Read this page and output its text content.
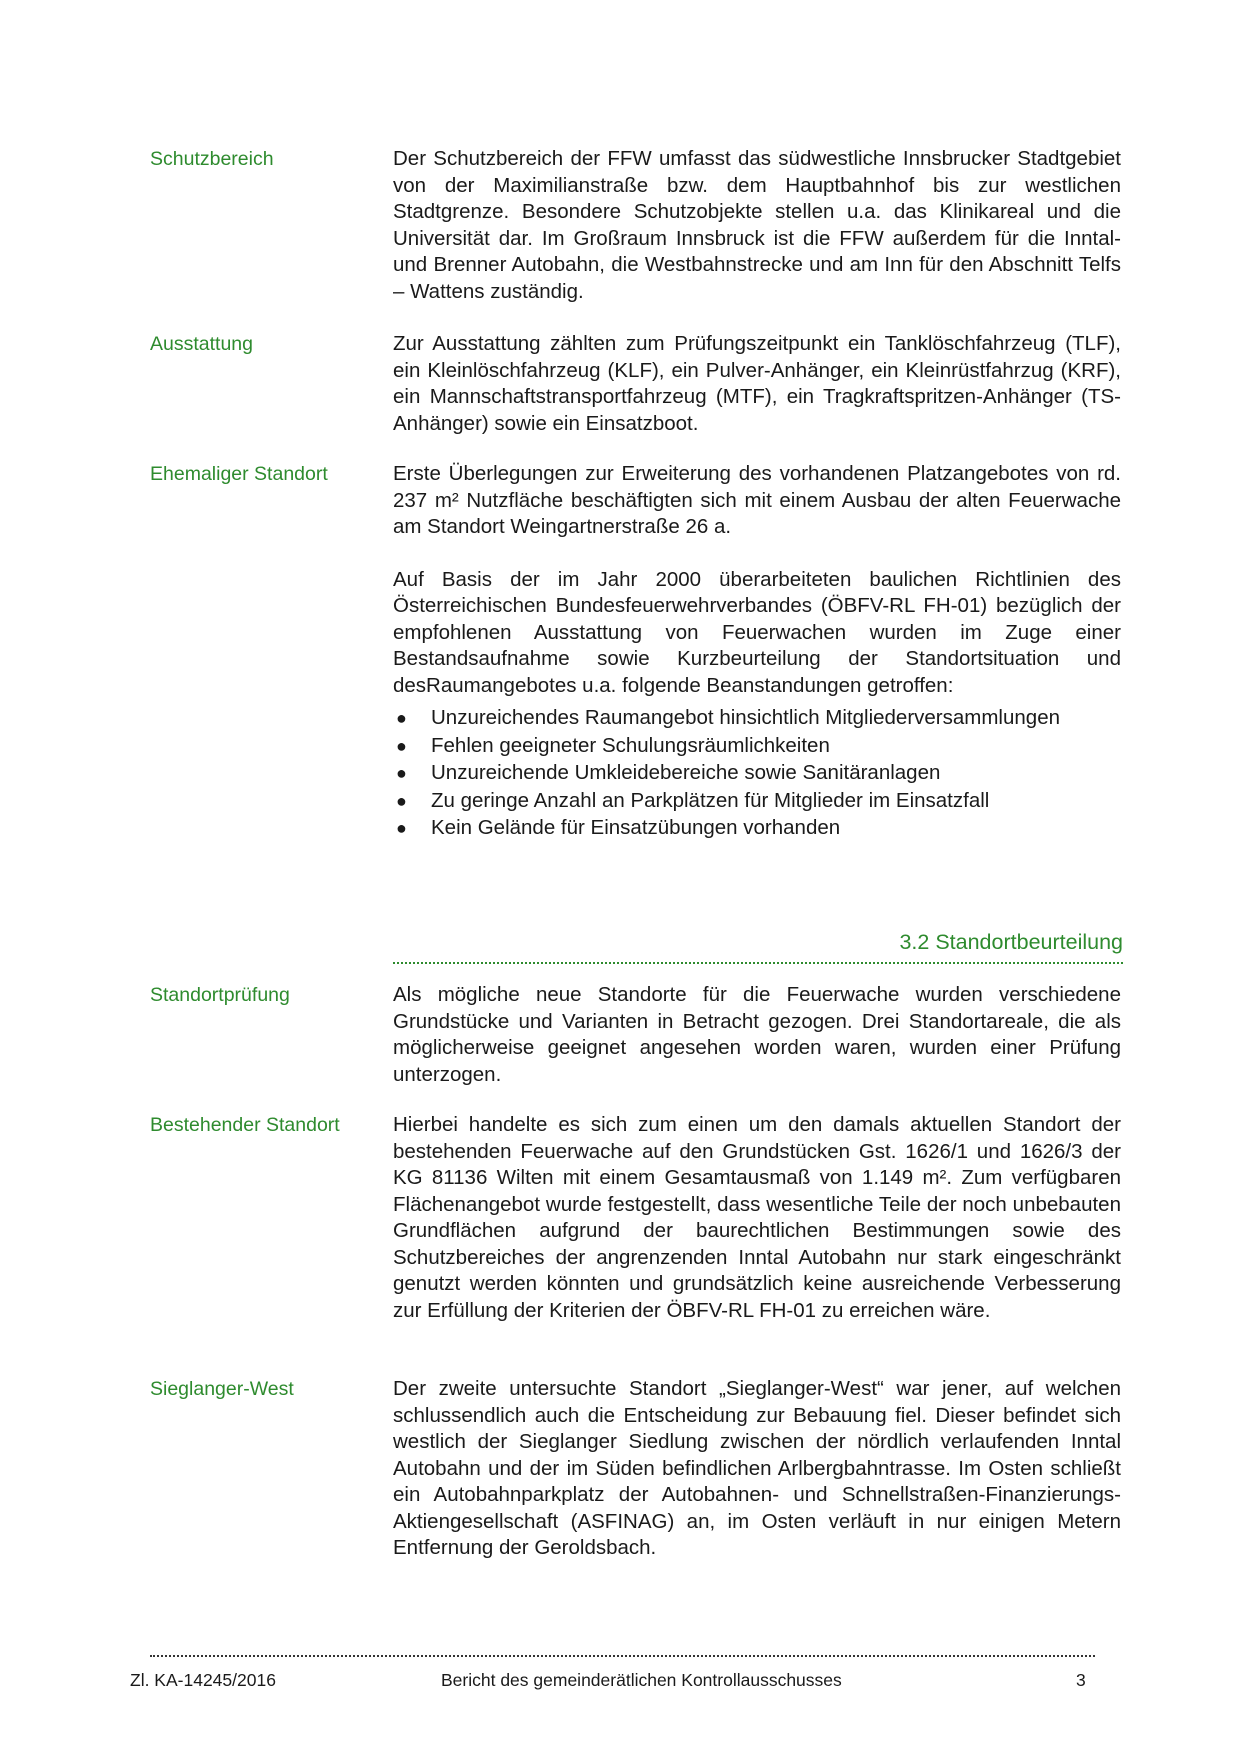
Schutzbereich	Der Schutzbereich der FFW umfasst das südwestliche Innsbrucker Stadtgebiet von der Maximilianstraße bzw. dem Hauptbahnhof bis zur westlichen Stadtgrenze. Besondere Schutzobjekte stellen u.a. das Klinikareal und die Universität dar. Im Großraum Innsbruck ist die FFW außerdem für die Inntal- und Brenner Autobahn, die Westbahnstrecke und am Inn für den Abschnitt Telfs – Wattens zuständig.
Ausstattung	Zur Ausstattung zählten zum Prüfungszeitpunkt ein Tanklöschfahrzeug (TLF), ein Kleinlöschfahrzeug (KLF), ein Pulver-Anhänger, ein Kleinrüstfahrzug (KRF), ein Mannschaftstransportfahrzeug (MTF), ein Tragkraftspritzen-Anhänger (TS-Anhänger) sowie ein Einsatzboot.
Ehemaliger Standort	Erste Überlegungen zur Erweiterung des vorhandenen Platzangebotes von rd. 237 m² Nutzfläche beschäftigten sich mit einem Ausbau der alten Feuerwache am Standort Weingartnerstraße 26 a.

Auf Basis der im Jahr 2000 überarbeiteten baulichen Richtlinien des Österreichischen Bundesfeuerwehrverbandes (ÖBFV-RL FH-01) bezüglich der empfohlenen Ausstattung von Feuerwachen wurden im Zuge einer Bestandsaufnahme sowie Kurzbeurteilung der Standortsituation und desRaumangebotes u.a. folgende Beanstandungen getroffen:

● Unzureichendes Raumangebot hinsichtlich Mitgliederversammlungen
● Fehlen geeigneter Schulungsräumlichkeiten
● Unzureichende Umkleidebereiche sowie Sanitäranlagen
● Zu geringe Anzahl an Parkplätzen für Mitglieder im Einsatzfall
● Kein Gelände für Einsatzübungen vorhanden
3.2 Standortbeurteilung
Standortprüfung	Als mögliche neue Standorte für die Feuerwache wurden verschiedene Grundstücke und Varianten in Betracht gezogen. Drei Standortareale, die als möglicherweise geeignet angesehen worden waren, wurden einer Prüfung unterzogen.
Bestehender Standort	Hierbei handelte es sich zum einen um den damals aktuellen Standort der bestehenden Feuerwache auf den Grundstücken Gst. 1626/1 und 1626/3 der KG 81136 Wilten mit einem Gesamtausmaß von 1.149 m². Zum verfügbaren Flächenangebot wurde festgestellt, dass wesentliche Teile der noch unbebauten Grundflächen aufgrund der baurechtlichen Bestimmungen sowie des Schutzbereiches der angrenzenden Inntal Autobahn nur stark eingeschränkt genutzt werden könnten und grundsätzlich keine ausreichende Verbesserung zur Erfüllung der Kriterien der ÖBFV-RL FH-01 zu erreichen wäre.
Sieglanger-West	Der zweite untersuchte Standort „Sieglanger-West“ war jener, auf welchen schlussendlich auch die Entscheidung zur Bebauung fiel. Dieser befindet sich westlich der Sieglanger Siedlung zwischen der nördlich verlaufenden Inntal Autobahn und der im Süden befindlichen Arlbergbahntrasse. Im Osten schließt ein Autobahnparkplatz der Autobahnen- und Schnellstraßen-Finanzierungs-Aktiengesellschaft (ASFINAG) an, im Osten verläuft in nur einigen Metern Entfernung der Geroldsbach.
Zl. KA-14245/2016	Bericht des gemeinderätlichen Kontrollausschusses	3
